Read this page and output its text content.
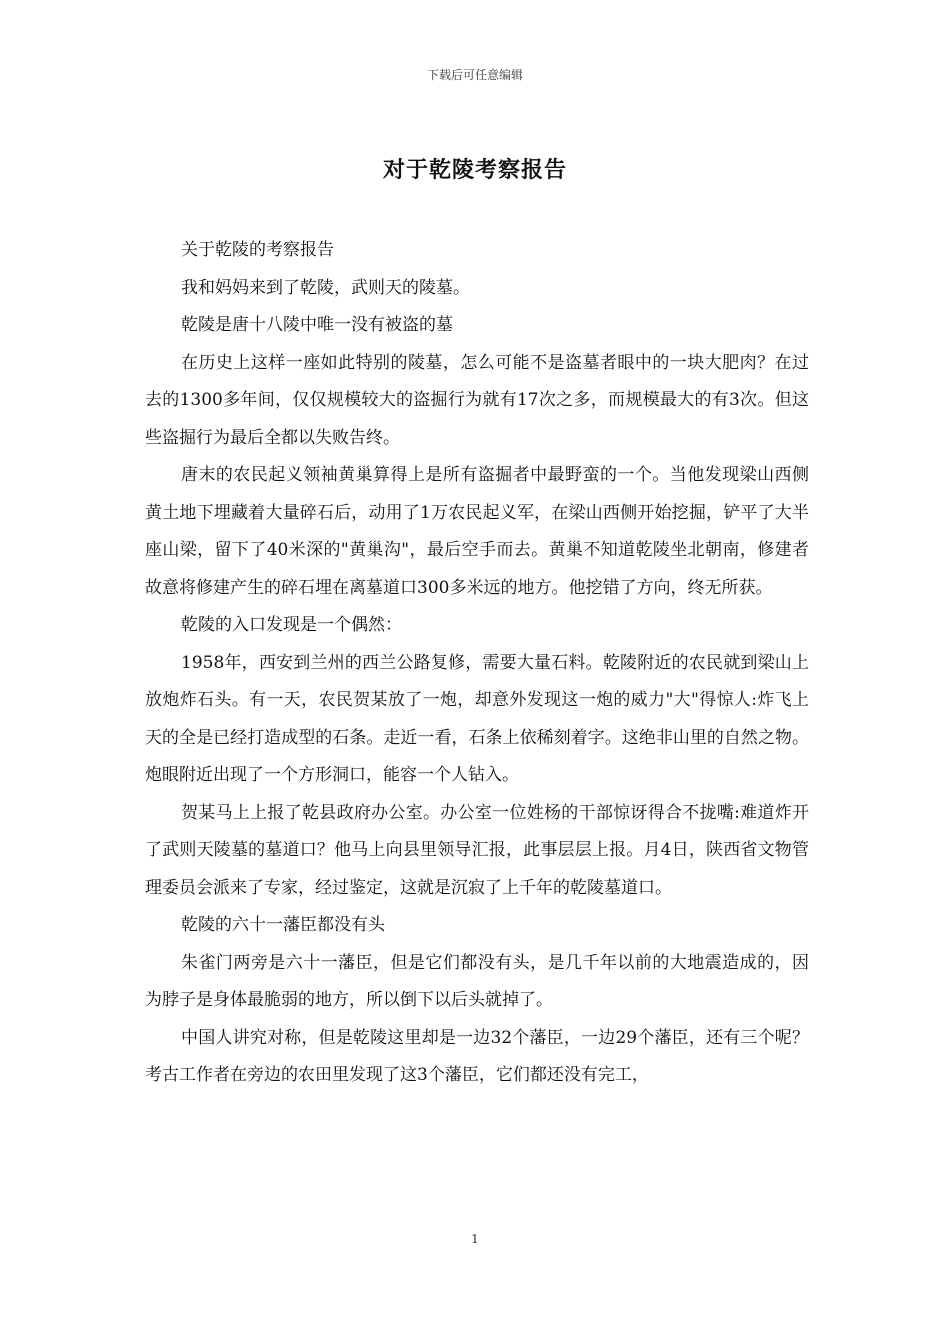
下载后可任意编辑
对于乾陵考察报告

关于乾陵的考察报告

我和妈妈来到了乾陵，武则天的陵墓。

乾陵是唐十八陵中唯一没有被盗的墓

在历史上这样一座如此特别的陵墓，怎么可能不是盗墓者眼中的一块大肥肉？在过去的1300多年间，仅仅规模较大的盗掘行为就有17次之多，而规模最大的有3次。但这些盗掘行为最后全都以失败告终。

唐末的农民起义领袖黄巢算得上是所有盗掘者中最野蛮的一个。当他发现梁山西侧黄土地下埋藏着大量碎石后，动用了1万农民起义军，在梁山西侧开始挖掘，铲平了大半座山梁，留下了40米深的"黄巢沟"，最后空手而去。黄巢不知道乾陵坐北朝南，修建者故意将修建产生的碎石埋在离墓道口300多米远的地方。他挖错了方向，终无所获。

乾陵的入口发现是一个偶然：

1958年，西安到兰州的西兰公路复修，需要大量石料。乾陵附近的农民就到梁山上放炮炸石头。有一天，农民贺某放了一炮，却意外发现这一炮的威力"大"得惊人:炸飞上天的全是已经打造成型的石条。走近一看，石条上依稀刻着字。这绝非山里的自然之物。炮眼附近出现了一个方形洞口，能容一个人钻入。

贺某马上上报了乾县政府办公室。办公室一位姓杨的干部惊讶得合不拢嘴:难道炸开了武则天陵墓的墓道口？他马上向县里领导汇报，此事层层上报。月4日，陕西省文物管理委员会派来了专家，经过鉴定，这就是沉寂了上千年的乾陵墓道口。

乾陵的六十一藩臣都没有头

朱雀门两旁是六十一藩臣，但是它们都没有头，是几千年以前的大地震造成的，因为脖子是身体最脆弱的地方，所以倒下以后头就掉了。

中国人讲究对称，但是乾陵这里却是一边32个藩臣，一边29个藩臣，还有三个呢？考古工作者在旁边的农田里发现了这3个藩臣，它们都还没有完工，

1
